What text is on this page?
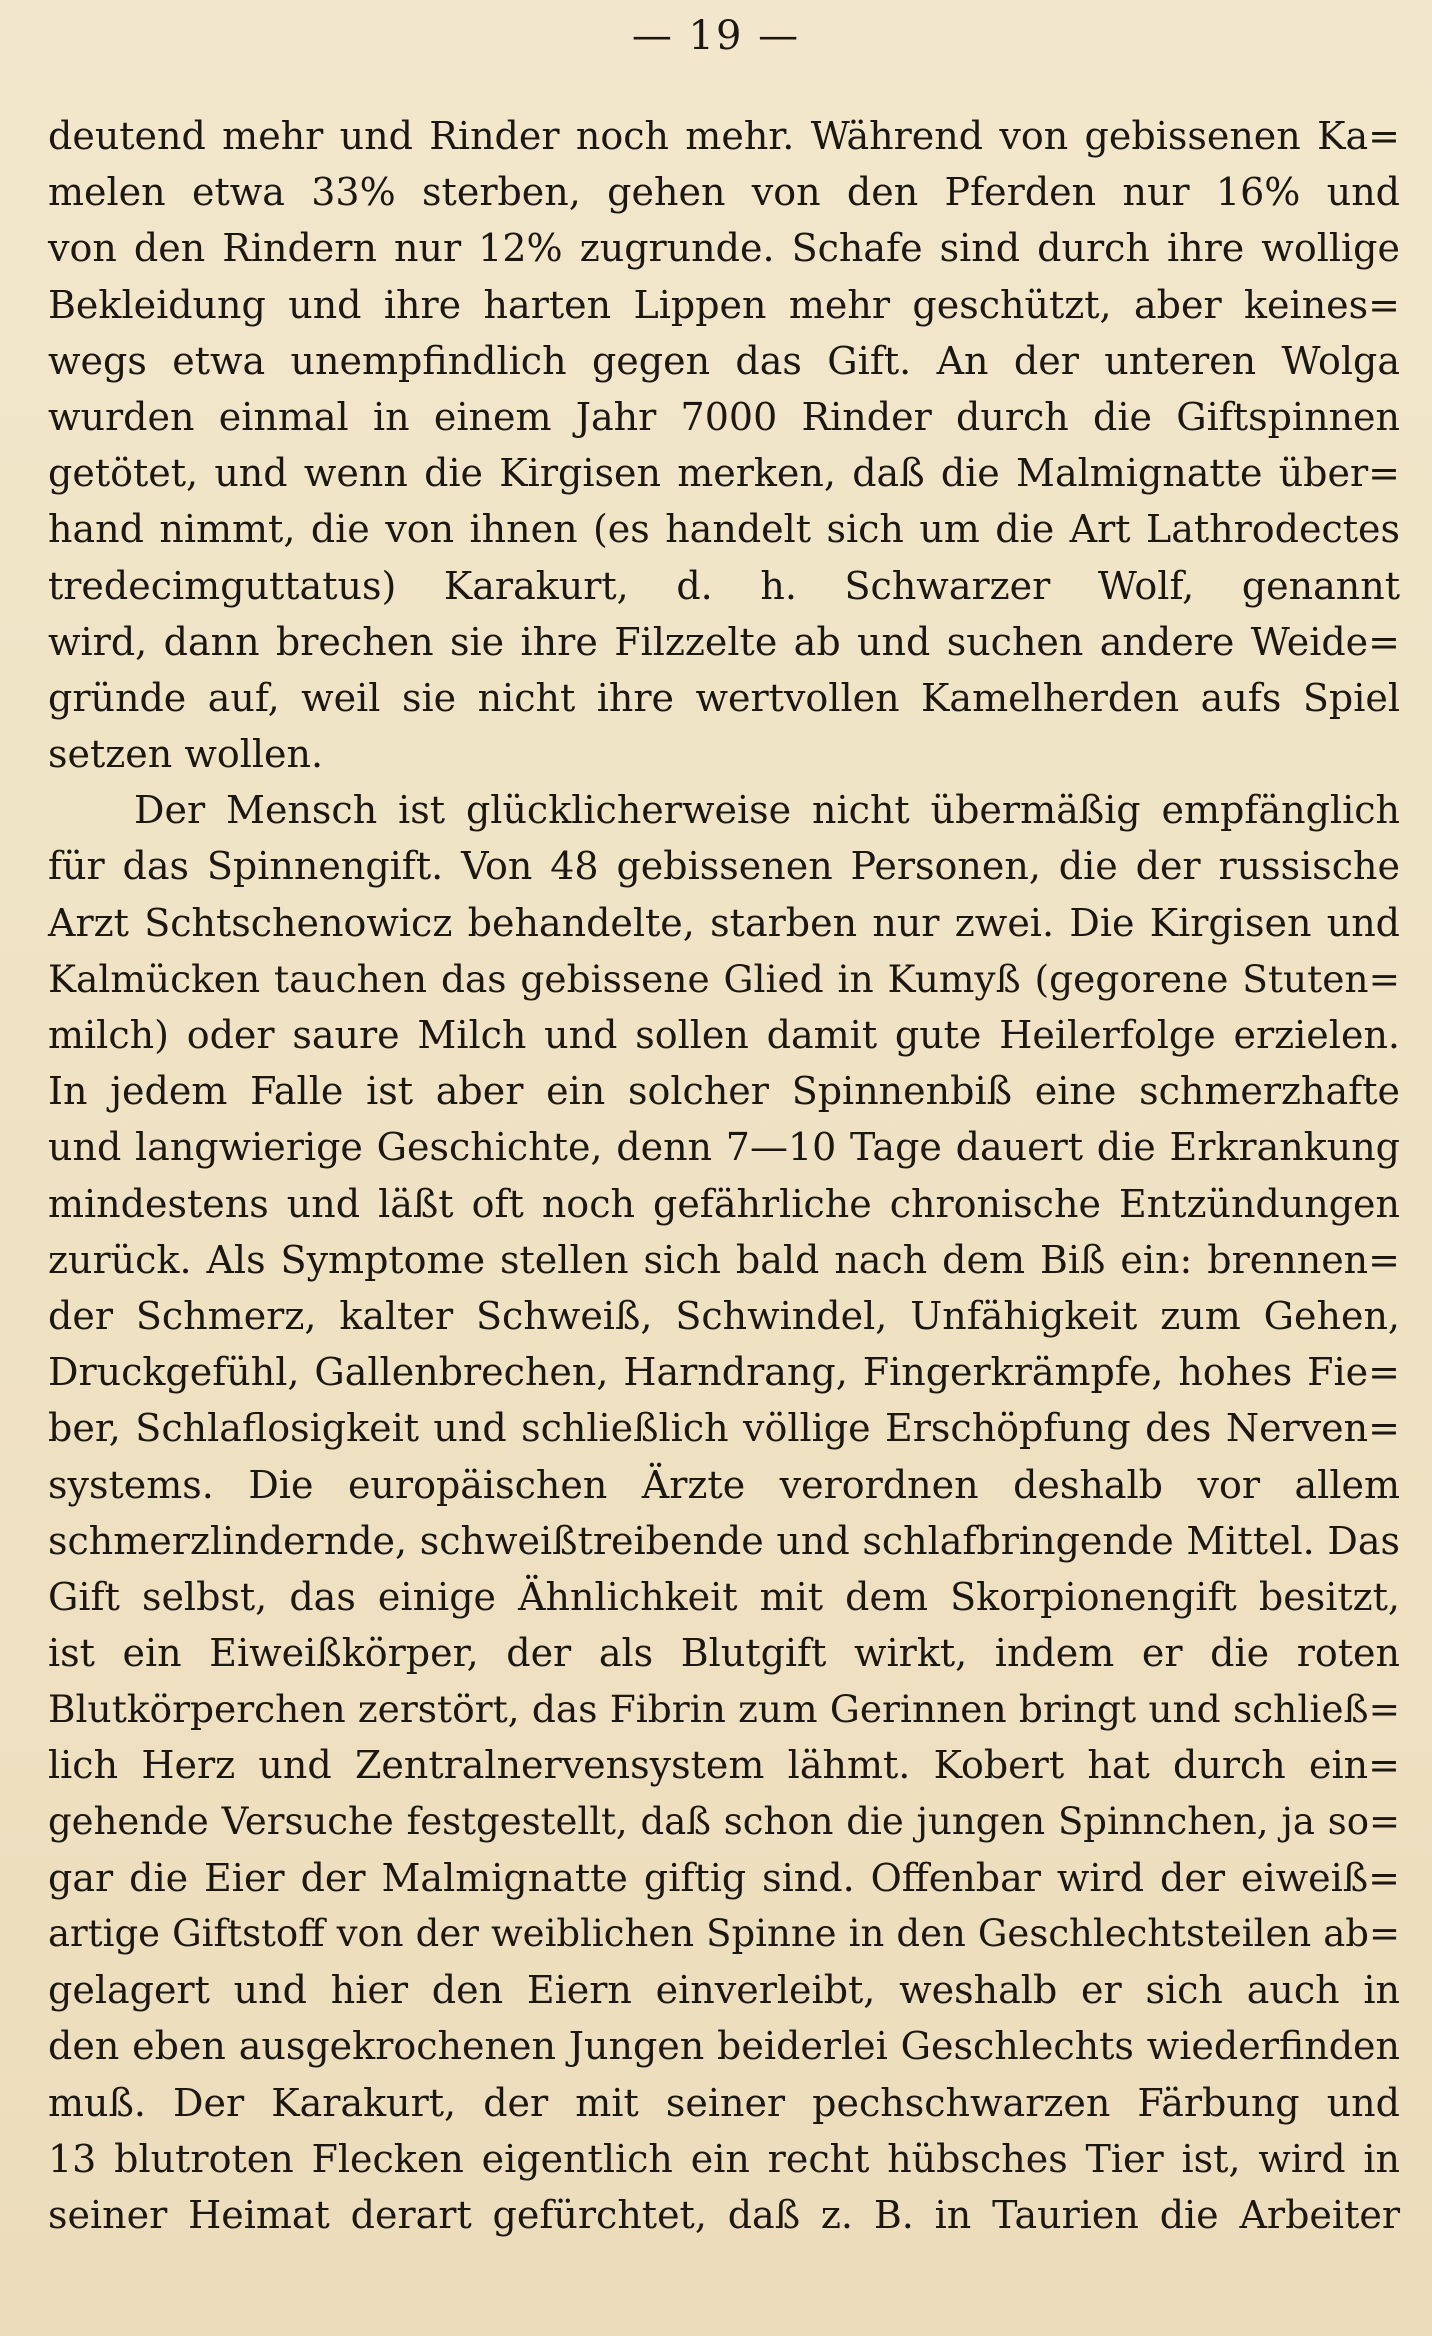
— 19 —
deutend mehr und Rinder noch mehr. Während von gebissenen Ka=
melen etwa 33% sterben, gehen von den Pferden nur 16% und
von den Rindern nur 12% zugrunde. Schafe sind durch ihre wollige
Bekleidung und ihre harten Lippen mehr geschützt, aber keines=
wegs etwa unempfindlich gegen das Gift. An der unteren Wolga
wurden einmal in einem Jahr 7000 Rinder durch die Giftspinnen
getötet, und wenn die Kirgisen merken, daß die Malmignatte über=
hand nimmt, die von ihnen (es handelt sich um die Art Lathrodectes
tredecimguttatus) Karakurt, d. h. Schwarzer Wolf, genannt
wird, dann brechen sie ihre Filzzelte ab und suchen andere Weide=
gründe auf, weil sie nicht ihre wertvollen Kamelherden aufs Spiel
setzen wollen.
Der Mensch ist glücklicherweise nicht übermäßig empfänglich
für das Spinnengift. Von 48 gebissenen Personen, die der russische
Arzt Schtschenowicz behandelte, starben nur zwei. Die Kirgisen und
Kalmücken tauchen das gebissene Glied in Kumyß (gegorene Stuten=
milch) oder saure Milch und sollen damit gute Heilerfolge erzielen.
In jedem Falle ist aber ein solcher Spinnenbiß eine schmerzhafte
und langwierige Geschichte, denn 7—10 Tage dauert die Erkrankung
mindestens und läßt oft noch gefährliche chronische Entzündungen
zurück. Als Symptome stellen sich bald nach dem Biß ein: brennen=
der Schmerz, kalter Schweiß, Schwindel, Unfähigkeit zum Gehen,
Druckgefühl, Gallenbrechen, Harndrang, Fingerkrämpfe, hohes Fie=
ber, Schlaflosigkeit und schließlich völlige Erschöpfung des Nerven=
systems. Die europäischen Ärzte verordnen deshalb vor allem
schmerzlindernde, schweißtreibende und schlafbringende Mittel. Das
Gift selbst, das einige Ähnlichkeit mit dem Skorpionengift besitzt,
ist ein Eiweißkörper, der als Blutgift wirkt, indem er die roten
Blutkörperchen zerstört, das Fibrin zum Gerinnen bringt und schließ=
lich Herz und Zentralnervensystem lähmt. Kobert hat durch ein=
gehende Versuche festgestellt, daß schon die jungen Spinnchen, ja so=
gar die Eier der Malmignatte giftig sind. Offenbar wird der eiweiß=
artige Giftstoff von der weiblichen Spinne in den Geschlechtsteilen ab=
gelagert und hier den Eiern einverleibt, weshalb er sich auch in
den eben ausgekrochenen Jungen beiderlei Geschlechts wiederfinden
muß. Der Karakurt, der mit seiner pechschwarzen Färbung und
13 blutroten Flecken eigentlich ein recht hübsches Tier ist, wird in
seiner Heimat derart gefürchtet, daß z. B. in Taurien die Arbeiter
